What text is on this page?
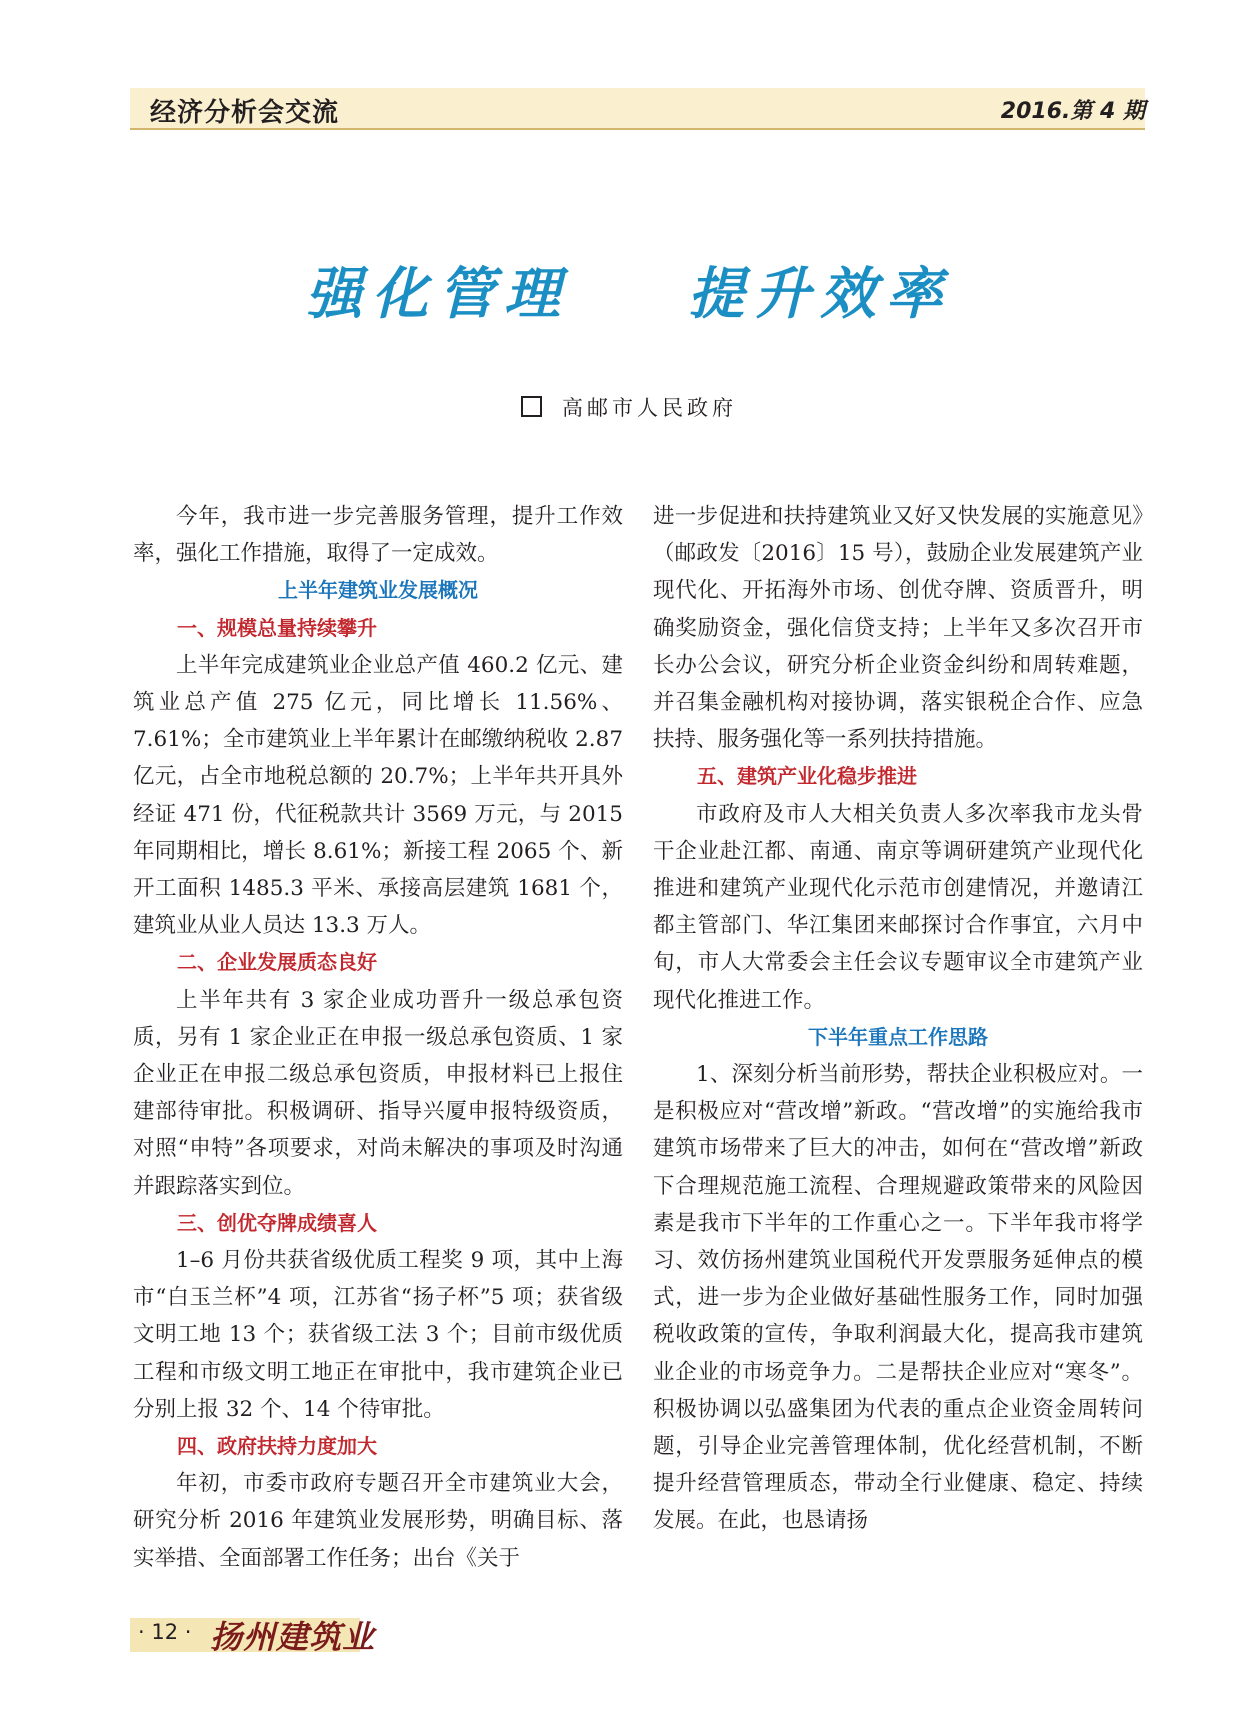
经济分析会交流	2016.第 4 期
强化管理    提升效率
高邮市人民政府

今年，我市进一步完善服务管理，提升工作效率，强化工作措施，取得了一定成效。

上半年建筑业发展概况
一、规模总量持续攀升

上半年完成建筑业企业总产值 460.2 亿元、建筑业总产值 275 亿元，同比增长 11.56%、7.61%；全市建筑业上半年累计在邮缴纳税收 2.87 亿元，占全市地税总额的 20.7%；上半年共开具外经证 471 份，代征税款共计 3569 万元，与 2015 年同期相比，增长 8.61%；新接工程 2065 个、新开工面积 1485.3 平米、承接高层建筑 1681 个，建筑业从业人员达 13.3 万人。

二、企业发展质态良好

上半年共有 3 家企业成功晋升一级总承包资质，另有 1 家企业正在申报一级总承包资质、1 家企业正在申报二级总承包资质，申报材料已上报住建部待审批。积极调研、指导兴厦申报特级资质，对照“申特”各项要求，对尚未解决的事项及时沟通并跟踪落实到位。

三、创优夺牌成绩喜人

1–6 月份共获省级优质工程奖 9 项，其中上海市“白玉兰杯”4 项，江苏省“扬子杯”5 项；获省级文明工地 13 个；获省级工法 3 个；目前市级优质工程和市级文明工地正在审批中，我市建筑企业已分别上报 32 个、14 个待审批。

四、政府扶持力度加大

年初，市委市政府专题召开全市建筑业大会，研究分析 2016 年建筑业发展形势，明确目标、落实举措、全面部署工作任务；出台《关于

进一步促进和扶持建筑业又好又快发展的实施意见》（邮政发〔2016〕15 号），鼓励企业发展建筑产业现代化、开拓海外市场、创优夺牌、资质晋升，明确奖励资金，强化信贷支持；上半年又多次召开市长办公会议，研究分析企业资金纠纷和周转难题，并召集金融机构对接协调，落实银税企合作、应急扶持、服务强化等一系列扶持措施。

五、建筑产业化稳步推进

市政府及市人大相关负责人多次率我市龙头骨干企业赴江都、南通、南京等调研建筑产业现代化推进和建筑产业现代化示范市创建情况，并邀请江都主管部门、华江集团来邮探讨合作事宜，六月中旬，市人大常委会主任会议专题审议全市建筑产业现代化推进工作。

下半年重点工作思路

1、深刻分析当前形势，帮扶企业积极应对。一是积极应对“营改增”新政。“营改增”的实施给我市建筑市场带来了巨大的冲击，如何在“营改增”新政下合理规范施工流程、合理规避政策带来的风险因素是我市下半年的工作重心之一。下半年我市将学习、效仿扬州建筑业国税代开发票服务延伸点的模式，进一步为企业做好基础性服务工作，同时加强税收政策的宣传，争取利润最大化，提高我市建筑业企业的市场竞争力。二是帮扶企业应对“寒冬”。积极协调以弘盛集团为代表的重点企业资金周转问题，引导企业完善管理体制，优化经营机制，不断提升经营管理质态，带动全行业健康、稳定、持续发展。在此，也恳请扬

· 12 · 扬州建筑业
